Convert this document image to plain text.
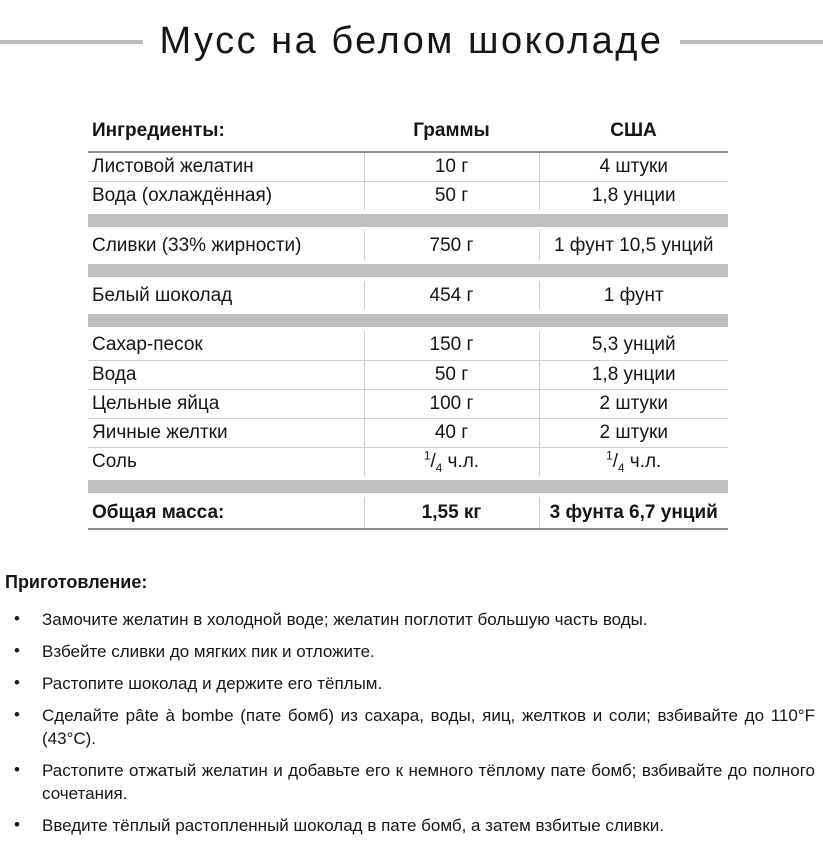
Мусс на белом шоколаде
Ингредиенты:	Граммы	США
Листовой желатин	10 г	4 штуки
Вода (охлаждённая)	50 г	1,8 унции

Сливки (33% жирности)	750 г	1 фунт 10,5 унций

Белый шоколад	454 г	1 фунт

Сахар-песок	150 г	5,3 унций
Вода	50 г	1,8 унции
Цельные яйца	100 г	2 штуки
Яичные желтки	40 г	2 штуки
Соль	$^1/_4$ ч.л.	$^1/_4$ ч.л.

Общая масса:	1,55 кг	3 фунта 6,7 унций
Приготовление:
• Замочите желатин в холодной воде; желатин поглотит большую часть воды.
• Взбейте сливки до мягких пик и отложите.
• Растопите шоколад и держите его тёплым.
• Сделайте pâte à bombe (пате бомб) из сахара, воды, яиц, желтков и соли; взбивайте до 110°F (43°C).
• Растопите отжатый желатин и добавьте его к немного тёплому пате бомб; взбивайте до полного сочетания.
• Введите тёплый растопленный шоколад в пате бомб, а затем взбитые сливки.
